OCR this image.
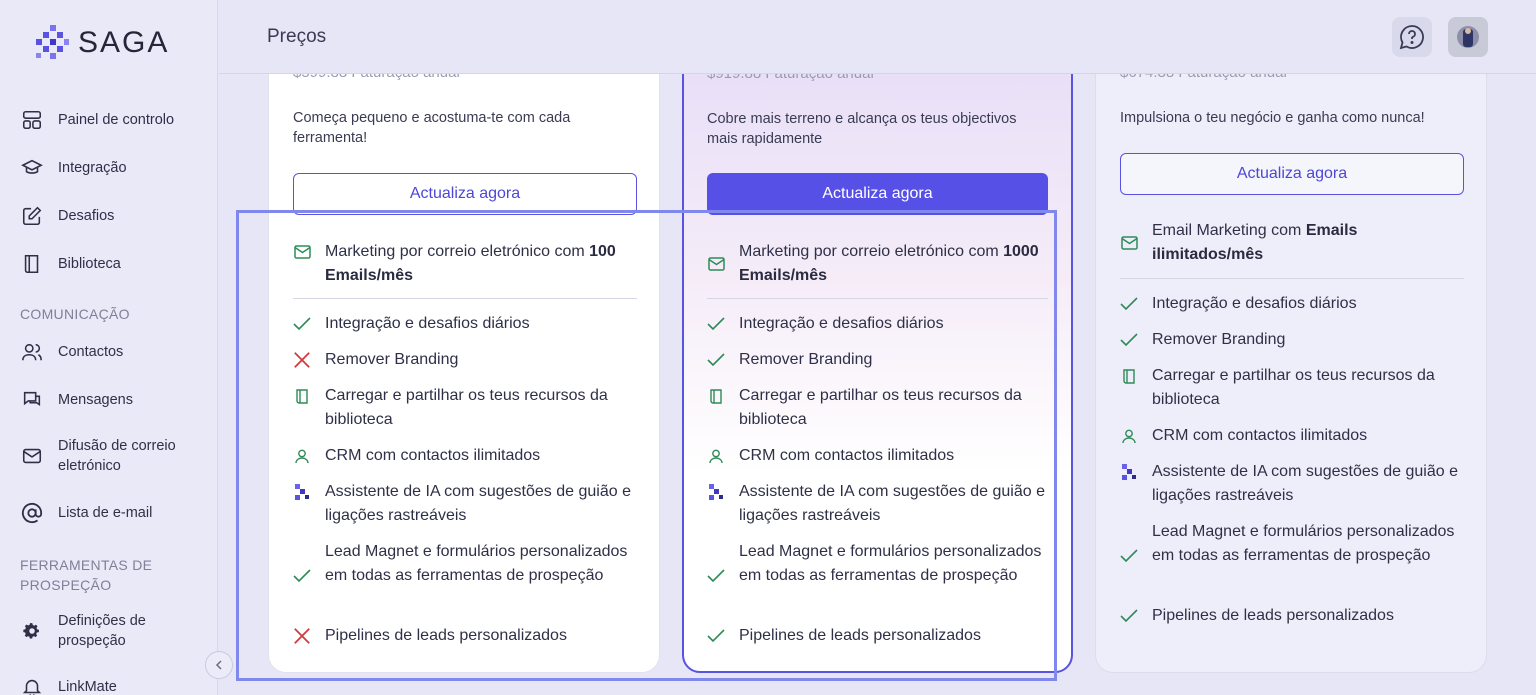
SAGA
Painel de controlo
Integração
Desafios
Biblioteca
COMUNICAÇÃO
Contactos
Mensagens
Difusão de correio eletrónico
Lista de e-mail
FERRAMENTAS DE PROSPEÇÃO
Definições de prospeção
LinkMate
Preços
Começa pequeno e acostuma-te com cada ferramenta!
Actualiza agora
Marketing por correio eletrónico com 100 Emails/mês
Integração e desafios diários
Remover Branding
Carregar e partilhar os teus recursos da biblioteca
CRM com contactos ilimitados
Assistente de IA com sugestões de guião e ligações rastreáveis
Lead Magnet e formulários personalizados em todas as ferramentas de prospeção
Pipelines de leads personalizados
Cobre mais terreno e alcança os teus objectivos mais rapidamente
Actualiza agora
Marketing por correio eletrónico com 1000 Emails/mês
Integração e desafios diários
Remover Branding
Carregar e partilhar os teus recursos da biblioteca
CRM com contactos ilimitados
Assistente de IA com sugestões de guião e ligações rastreáveis
Lead Magnet e formulários personalizados em todas as ferramentas de prospeção
Pipelines de leads personalizados
Impulsiona o teu negócio e ganha como nunca!
Actualiza agora
Email Marketing com Emails ilimitados/mês
Integração e desafios diários
Remover Branding
Carregar e partilhar os teus recursos da biblioteca
CRM com contactos ilimitados
Assistente de IA com sugestões de guião e ligações rastreáveis
Lead Magnet e formulários personalizados em todas as ferramentas de prospeção
Pipelines de leads personalizados
